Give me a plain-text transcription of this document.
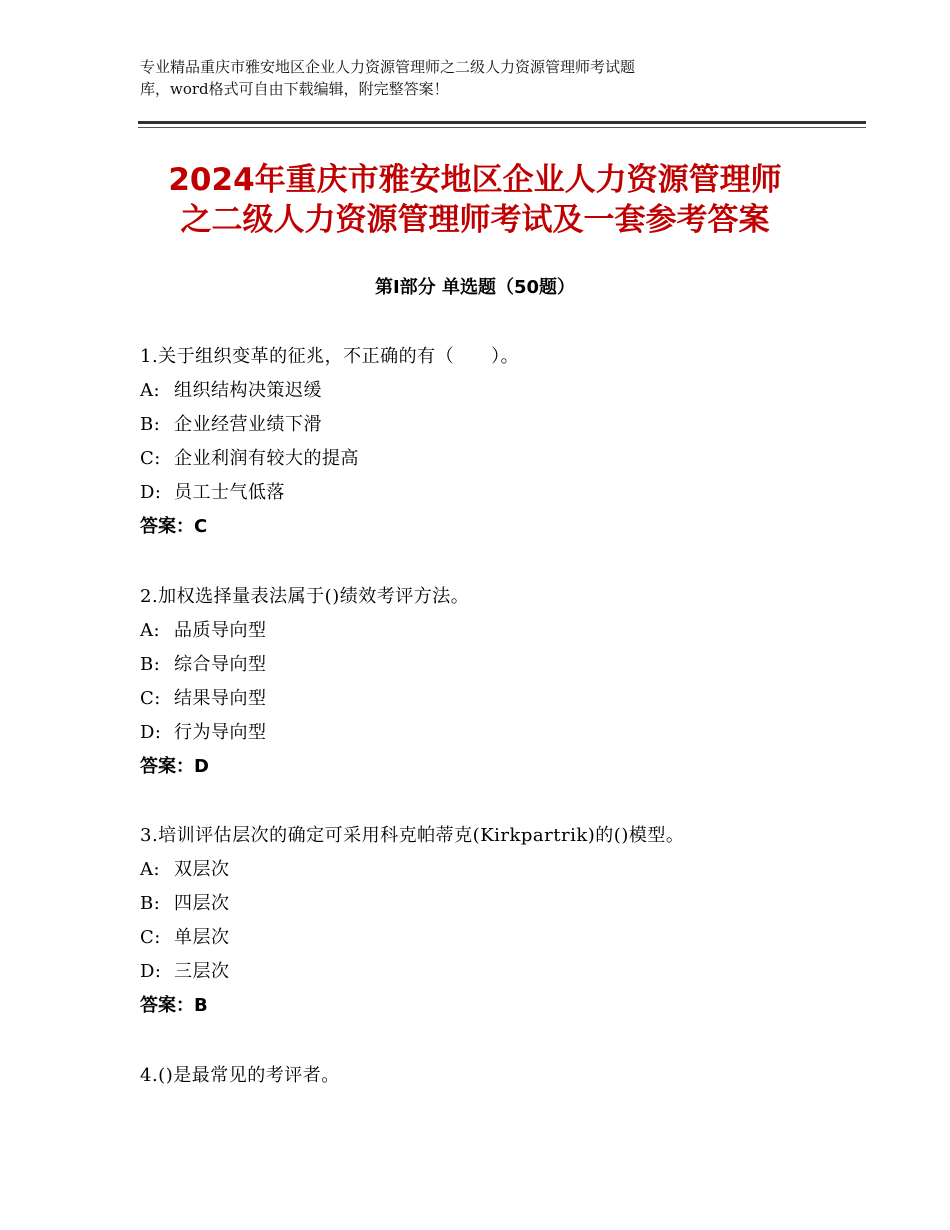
专业精品重庆市雅安地区企业人力资源管理师之二级人力资源管理师考试题
库，word格式可自由下载编辑，附完整答案！
2024年重庆市雅安地区企业人力资源管理师
之二级人力资源管理师考试及一套参考答案
第Ⅰ部分 单选题（50题）
1.关于组织变革的征兆，不正确的有（　　）。
A: 组织结构决策迟缓
B: 企业经营业绩下滑
C: 企业利润有较大的提高
D: 员工士气低落
答案：C
2.加权选择量表法属于()绩效考评方法。
A: 品质导向型
B: 综合导向型
C: 结果导向型
D: 行为导向型
答案：D
3.培训评估层次的确定可采用科克帕蒂克(Kirkpartrik)的()模型。
A: 双层次
B: 四层次
C: 单层次
D: 三层次
答案：B
4.()是最常见的考评者。
